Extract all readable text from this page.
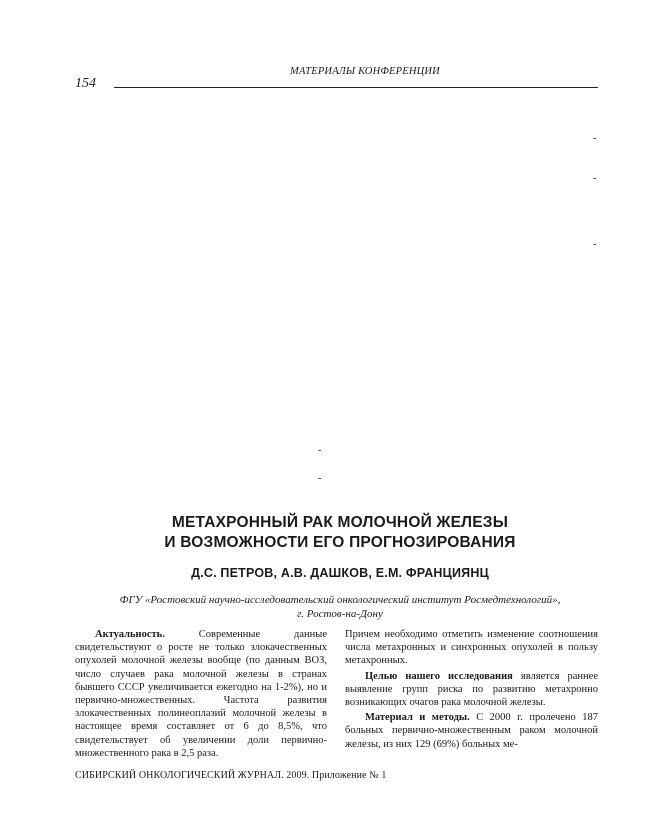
МАТЕРИАЛЫ КОНФЕРЕНЦИИ
154
-
-
-
-
-
МЕТАХРОННЫЙ РАК МОЛОЧНОЙ ЖЕЛЕЗЫ
И ВОЗМОЖНОСТИ ЕГО ПРОГНОЗИРОВАНИЯ
Д.С. ПЕТРОВ, А.В. ДАШКОВ, Е.М. ФРАНЦИЯНЦ
ФГУ «Ростовский научно-исследовательский онкологический институт Росмедтехнологий»,
г. Ростов-на-Дону

Актуальность. Современные данные свидетельствуют о росте не только злокачественных опухолей молочной железы вообще (по данным ВОЗ, число случаев рака молочной железы в странах бывшего СССР увеличивается ежегодно на 1-2%), но и первично-множественных. Частота развития злокачественных полинеоплазий молочной железы в настоящее время составляет от 6 до 8,5%, что свидетельствует об увеличении доли первично-множественного рака в 2,5 раза.

Причем необходимо отметить изменение соотношения числа метахронных и синхронных опухолей в пользу метахронных.

Целью нашего исследования является раннее выявление групп риска по развитию метахронно возникающих очагов рака молочной железы.

Материал и методы. С 2000 г. пролечено 187 больных первично-множественным раком молочной железы, из них 129 (69%) больных ме-

СИБИРСКИЙ ОНКОЛОГИЧЕСКИЙ ЖУРНАЛ. 2009. Приложение № 1
